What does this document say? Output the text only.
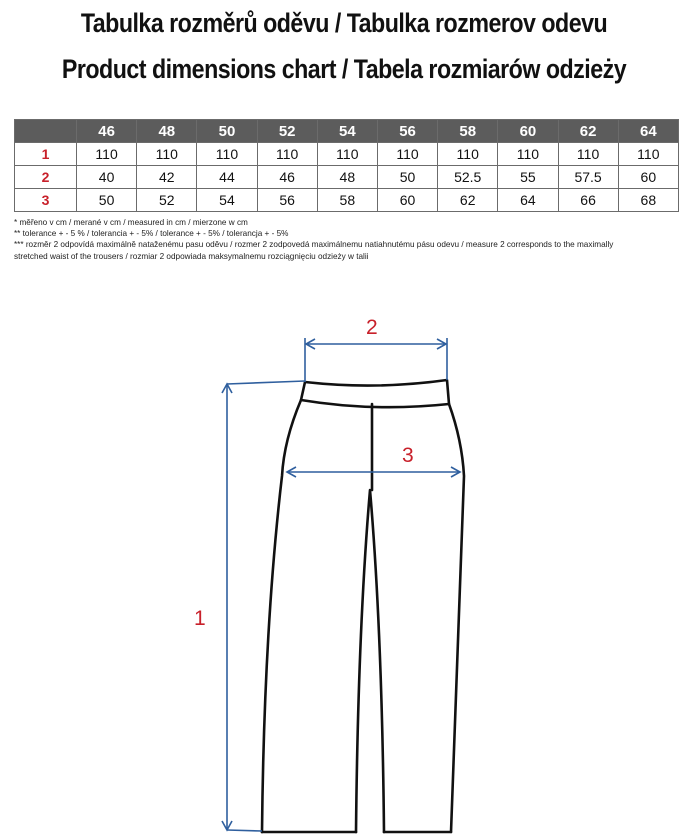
Tabulka rozměrů oděvu / Tabulka rozmerov odevu
Product dimensions chart / Tabela rozmiarów odzieży
	46	48	50	52	54	56	58	60	62	64
1	110	110	110	110	110	110	110	110	110	110
2	40	42	44	46	48	50	52.5	55	57.5	60
3	50	52	54	56	58	60	62	64	66	68
* měřeno v cm / merané v cm / measured in cm / mierzone w cm
** tolerance + - 5 % / tolerancia + - 5% / tolerance + - 5% / tolerancja + - 5%
*** rozměr 2 odpovídá maximálně nataženému pasu oděvu / rozmer 2 zodpovedá maximálnemu natiahnutému pásu odevu / measure 2 corresponds to the maximally
stretched waist of the trousers / rozmiar 2 odpowiada maksymalnemu rozciągnięciu odzieży w talii
1
2
3
